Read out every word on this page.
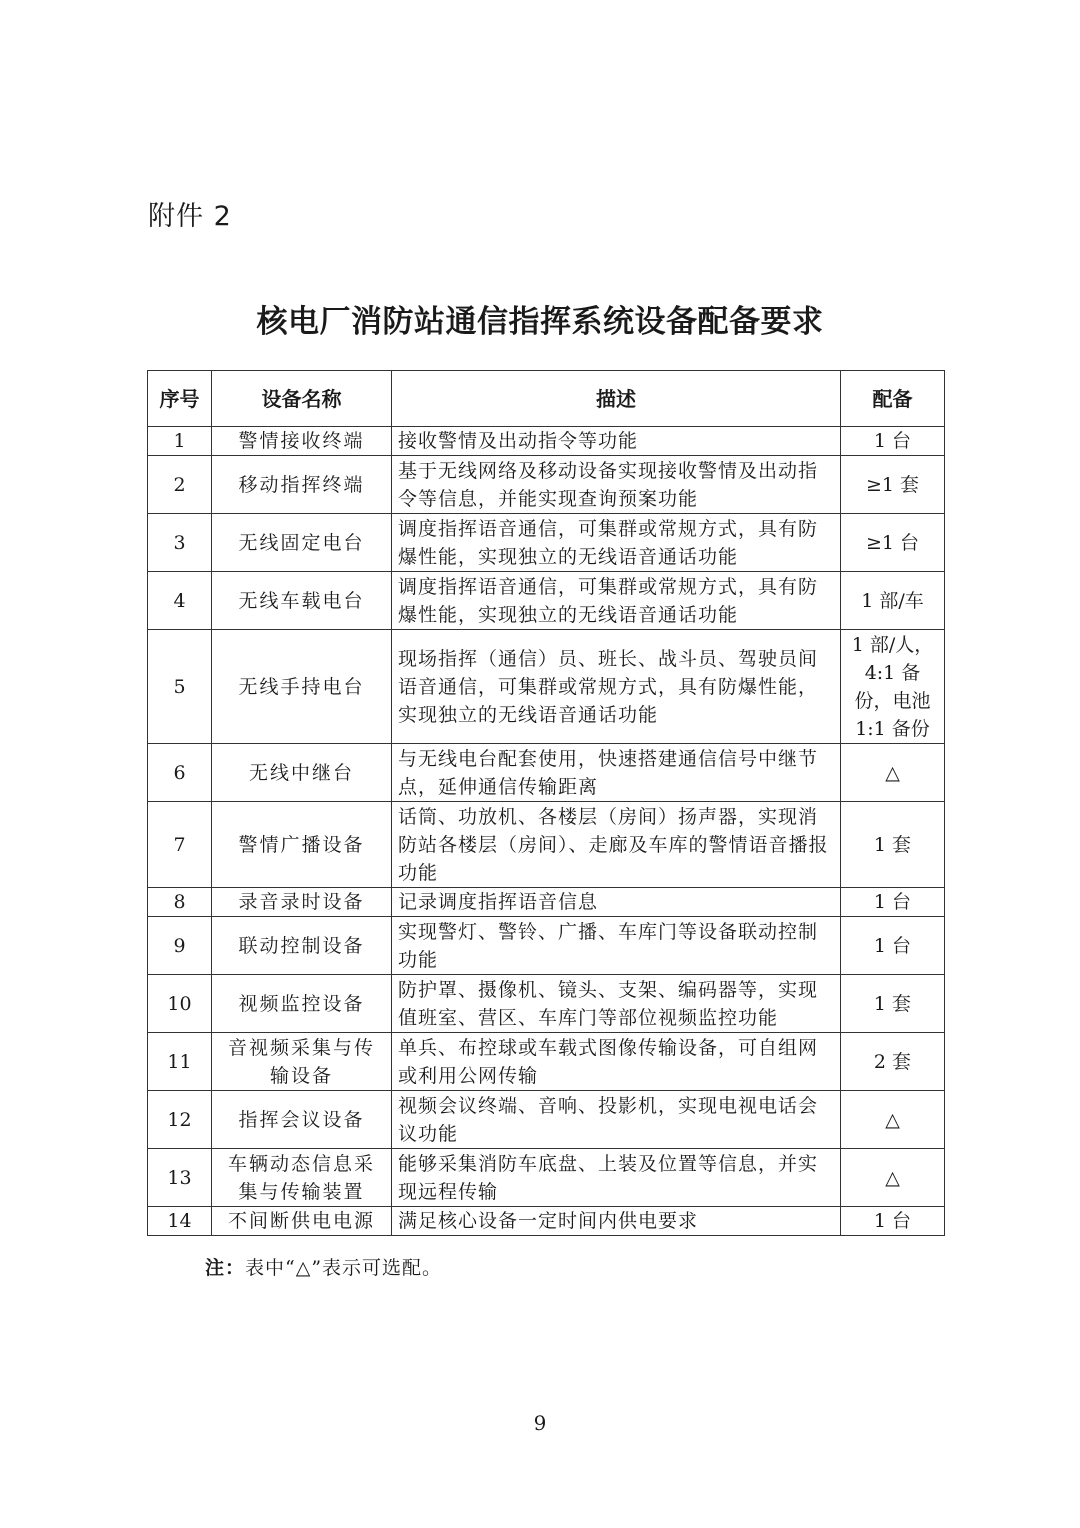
附件 2
核电厂消防站通信指挥系统设备配备要求
序号	设备名称	描述	配备
1	警情接收终端	接收警情及出动指令等功能	1 台
2	移动指挥终端	基于无线网络及移动设备实现接收警情及出动指令等信息，并能实现查询预案功能	≥1 套
3	无线固定电台	调度指挥语音通信，可集群或常规方式，具有防爆性能，实现独立的无线语音通话功能	≥1 台
4	无线车载电台	调度指挥语音通信，可集群或常规方式，具有防爆性能，实现独立的无线语音通话功能	1 部/车
5	无线手持电台	现场指挥（通信）员、班长、战斗员、驾驶员间语音通信，可集群或常规方式，具有防爆性能，实现独立的无线语音通话功能	1 部/人，4:1 备份，电池 1:1 备份
6	无线中继台	与无线电台配套使用，快速搭建通信信号中继节点，延伸通信传输距离	△
7	警情广播设备	话筒、功放机、各楼层（房间）扬声器，实现消防站各楼层（房间）、走廊及车库的警情语音播报功能	1 套
8	录音录时设备	记录调度指挥语音信息	1 台
9	联动控制设备	实现警灯、警铃、广播、车库门等设备联动控制功能	1 台
10	视频监控设备	防护罩、摄像机、镜头、支架、编码器等，实现值班室、营区、车库门等部位视频监控功能	1 套
11	音视频采集与传输设备	单兵、布控球或车载式图像传输设备，可自组网或利用公网传输	2 套
12	指挥会议设备	视频会议终端、音响、投影机，实现电视电话会议功能	△
13	车辆动态信息采集与传输装置	能够采集消防车底盘、上装及位置等信息，并实现远程传输	△
14	不间断供电电源	满足核心设备一定时间内供电要求	1 台
注：表中“△”表示可选配。
9
